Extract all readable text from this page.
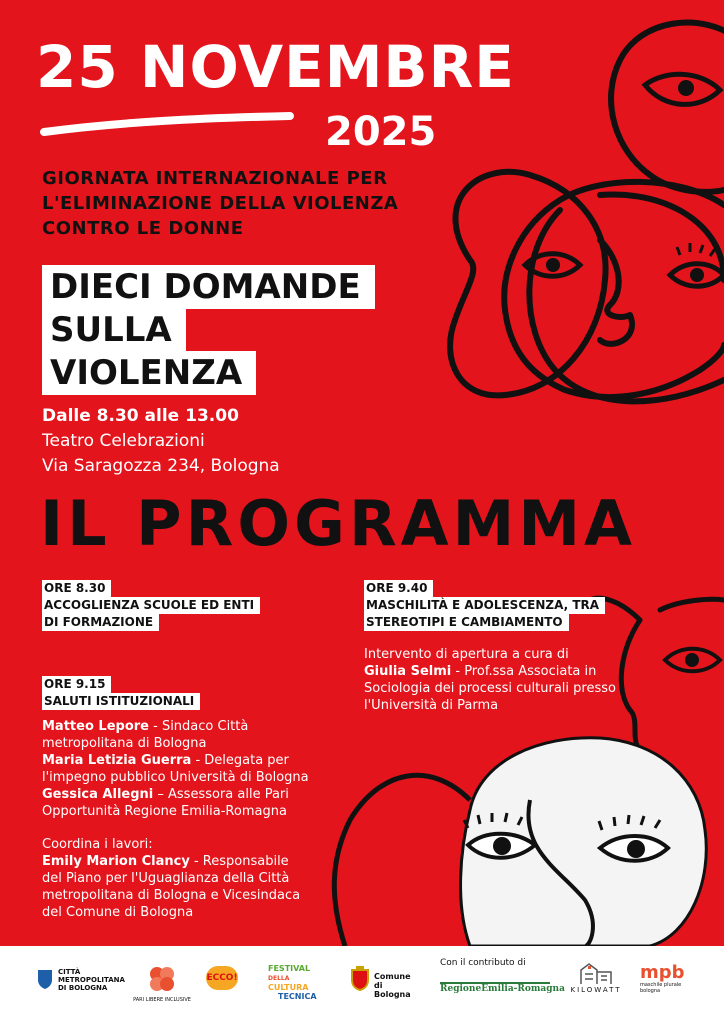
25 NOVEMBRE
2025
GIORNATA INTERNAZIONALE PER
L'ELIMINAZIONE DELLA VIOLENZA
CONTRO LE DONNE
DIECI DOMANDE
SULLA
VIOLENZA
Dalle 8.30 alle 13.00
Teatro Celebrazioni
Via Saragozza 234, Bologna
IL PROGRAMMA
ORE 8.30
ACCOGLIENZA SCUOLE ED ENTI
DI FORMAZIONE
ORE 9.15
SALUTI ISTITUZIONALI
Matteo Lepore - Sindaco Città metropolitana di Bologna
Maria Letizia Guerra - Delegata per l'impegno pubblico Università di Bologna
Gessica Allegni – Assessora alle Pari Opportunità Regione Emilia-Romagna
Coordina i lavori:
Emily Marion Clancy - Responsabile del Piano per l'Uguaglianza della Città metropolitana di Bologna e Vicesindaca del Comune di Bologna
ORE 9.40
MASCHILITÀ E ADOLESCENZA, TRA
STEREOTIPI E CAMBIAMENTO
Intervento di apertura a cura di
Giulia Selmi - Prof.ssa Associata in Sociologia dei processi culturali presso l'Università di Parma
CITTÀ
METROPOLITANA
DI BOLOGNA
PARI LIBERE INCLUSIVE
ECCO!
FESTIVAL DELLA
CULTURA
TECNICA
Comune
di Bologna
Con il contributo di
RegioneEmilia-Romagna KILOWATT
mpb
maschile plurale
bologna
